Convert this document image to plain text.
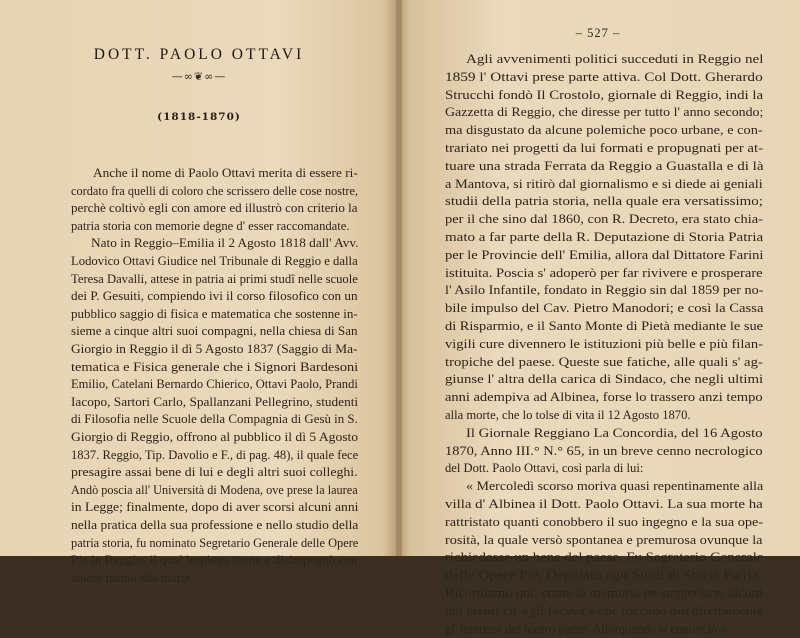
DOTT. PAOLO OTTAVI
—∞❦∞—
(1818-1870)
Anche il nome di Paolo Ottavi merita di essere ri-
cordato fra quelli di coloro che scrissero delle cose nostre,
perchè coltivò egli con amore ed illustrò con criterio la
patria storia con memorie degne d' esser raccomandate.
Nato in Reggio–Emilia il 2 Agosto 1818 dall' Avv.
Lodovico Ottavi Giudice nel Tribunale di Reggio e dalla
Teresa Davalli, attese in patria ai primi studî nelle scuole
dei P. Gesuiti, compiendo ivi il corso filosofico con un
pubblico saggio di fisica e matematica che sostenne in-
sieme a cinque altri suoi compagni, nella chiesa di San
Giorgio in Reggio il dì 5 Agosto 1837 (Saggio di Ma-
tematica e Fisica generale che i Signori Bardesoni
Emilio, Catelani Bernardo Chierico, Ottavi Paolo, Prandi
Iacopo, Sartori Carlo, Spallanzani Pellegrino, studenti
di Filosofia nelle Scuole della Compagnia di Gesù in S.
Giorgio di Reggio, offrono al pubblico il dì 5 Agosto
1837. Reggio, Tip. Davolio e F., di pag. 48), il quale fece
presagire assai bene di lui e degli altri suoi colleghi.
Andò poscia all' Università di Modena, ove prese la laurea
in Legge; finalmente, dopo di aver scorsi alcuni anni
nella pratica della sua professione e nello studio della
patria storia, fu nominato Segretario Generale delle Opere
Pie in Reggio, il qual impiego tenne e disimpegnò con
amore insino alla morte.
– 527 –
Agli avvenimenti politici succeduti in Reggio nel
1859 l' Ottavi prese parte attiva. Col Dott. Gherardo
Strucchi fondò Il Crostolo, giornale di Reggio, indi la
Gazzetta di Reggio, che diresse per tutto l' anno secondo;
ma disgustato da alcune polemiche poco urbane, e con-
trariato nei progetti da lui formati e propugnati per at-
tuare una strada Ferrata da Reggio a Guastalla e di là
a Mantova, si ritirò dal giornalismo e si diede ai geniali
studii della patria storia, nella quale era versatissimo;
per il che sino dal 1860, con R. Decreto, era stato chia-
mato a far parte della R. Deputazione di Storia Patria
per le Provincie dell' Emilia, allora dal Dittatore Farini
istituita. Poscia s' adoperò per far rivivere e prosperare
l' Asilo Infantile, fondato in Reggio sin dal 1859 per no-
bile impulso del Cav. Pietro Manodori; e così la Cassa
di Risparmio, e il Santo Monte di Pietà mediante le sue
vigili cure divennero le istituzioni più belle e più filan-
tropiche del paese. Queste sue fatiche, alle quali s' ag-
giunse l' altra della carica di Sindaco, che negli ultimi
anni adempiva ad Albinea, forse lo trassero anzi tempo
alla morte, che lo tolse di vita il 12 Agosto 1870.
Il Giornale Reggiano La Concordia, del 16 Agosto
1870, Anno III.° N.° 65, in un breve cenno necrologico
del Dott. Paolo Ottavi, così parla di lui:
« Mercoledì scorso moriva quasi repentinamente alla
villa d' Albinea il Dott. Paolo Ottavi. La sua morte ha
rattristato quanti conobbero il suo ingegno e la sua ope-
rosità, la quale versò spontanea e premurosa ovunque la
richiedesse un bene del paese. Fu Segretario Generale
delle Opere Pie, Deputato agli Studi di Storia Patria.
Ricordiamo qui, come la memoria ne suggerisce, alcuni
dei lavori ch' egli faceva e che toccano più direttamente
gl' interessi del nostro paese. Allorquando si cominciò a
